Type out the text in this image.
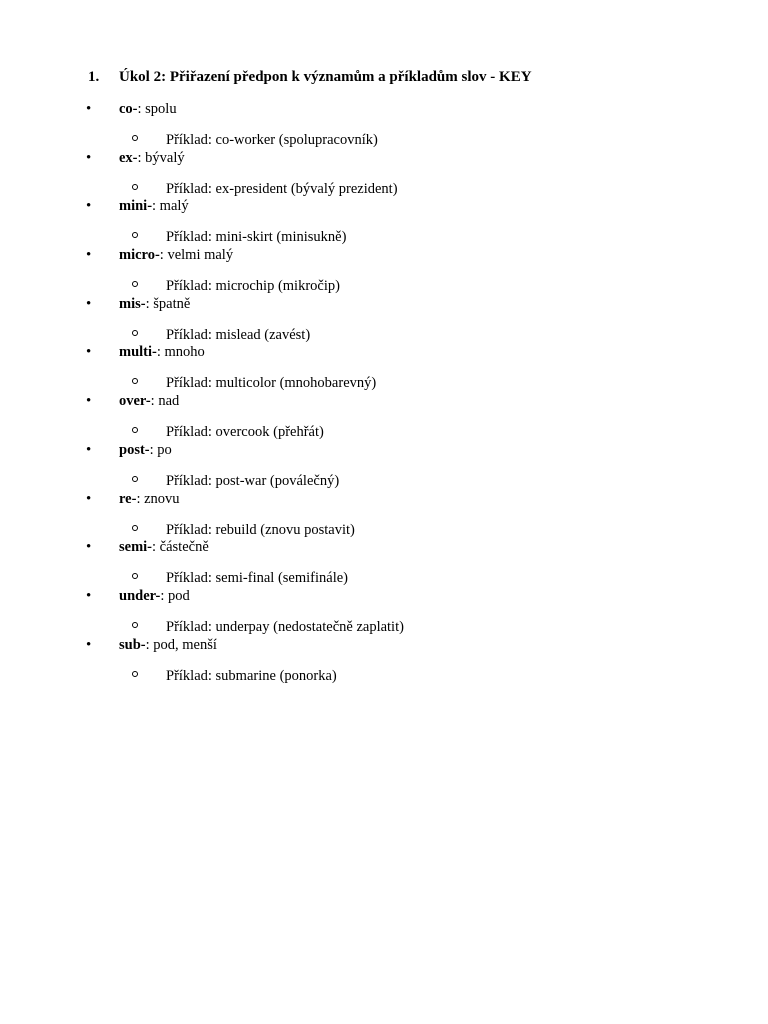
1. Úkol 2: Přiřazení předpon k významům a příkladům slov - KEY
• co-: spolu
Příklad: co-worker (spolupracovník)
• ex-: bývalý
Příklad: ex-president (bývalý prezident)
• mini-: malý
Příklad: mini-skirt (minisukně)
• micro-: velmi malý
Příklad: microchip (mikročip)
• mis-: špatně
Příklad: mislead (zavést)
• multi-: mnoho
Příklad: multicolor (mnohobarevný)
• over-: nad
Příklad: overcook (přehřát)
• post-: po
Příklad: post-war (poválečný)
• re-: znovu
Příklad: rebuild (znovu postavit)
• semi-: částečně
Příklad: semi-final (semifinále)
• under-: pod
Příklad: underpay (nedostatečně zaplatit)
• sub-: pod, menší
Příklad: submarine (ponorka)
